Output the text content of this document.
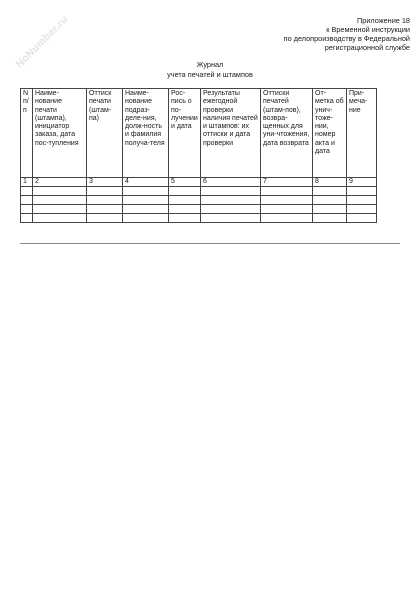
NoNumber.ru	Приложение 18
к Временной инструкции
по делопроизводству в Федеральной
регистрационной службе
Журнал
учета печатей и штампов
N п/п	Наиме-нование печати (штампа), инициатор заказа, дата пос-тупления	Оттиск печати (штам-па)	Наиме-нование подраз-деле-ния, долж-ность и фамилия получа-теля	Рос-пись о по-лучении и дата	Результаты ежегодной проверки наличия печатей и штампов: их оттиски и дата проверки	Оттиски печатей (штам-пов), возвра-щенных для уни-чтожения, дата возврата	От-метка об унич-тоже-нии, номер акта и дата	При-меча-ние
1	2	3	4	5	6	7	8	9
